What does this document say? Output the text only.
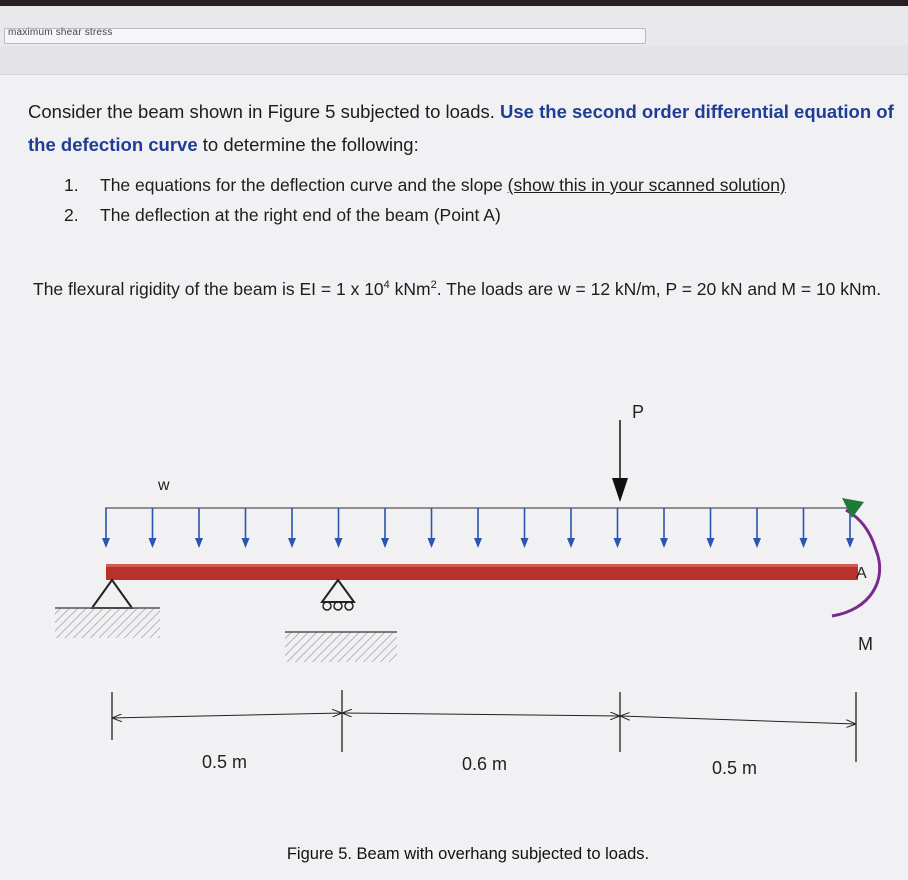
maximum shear stress
Consider the beam shown in Figure 5 subjected to loads. Use the second order differential equation of the defection curve to determine the following:
1. The equations for the deflection curve and the slope (show this in your scanned solution)
2. The deflection at the right end of the beam (Point A)
The flexural rigidity of the beam is EI = 1 x $10^4$ kNm$^2$. The loads are w = 12 kN/m, P = 20 kN and M = 10 kNm.
w
P
A
M
0.5 m	0.6 m	0.5 m
Figure 5. Beam with overhang subjected to loads.
